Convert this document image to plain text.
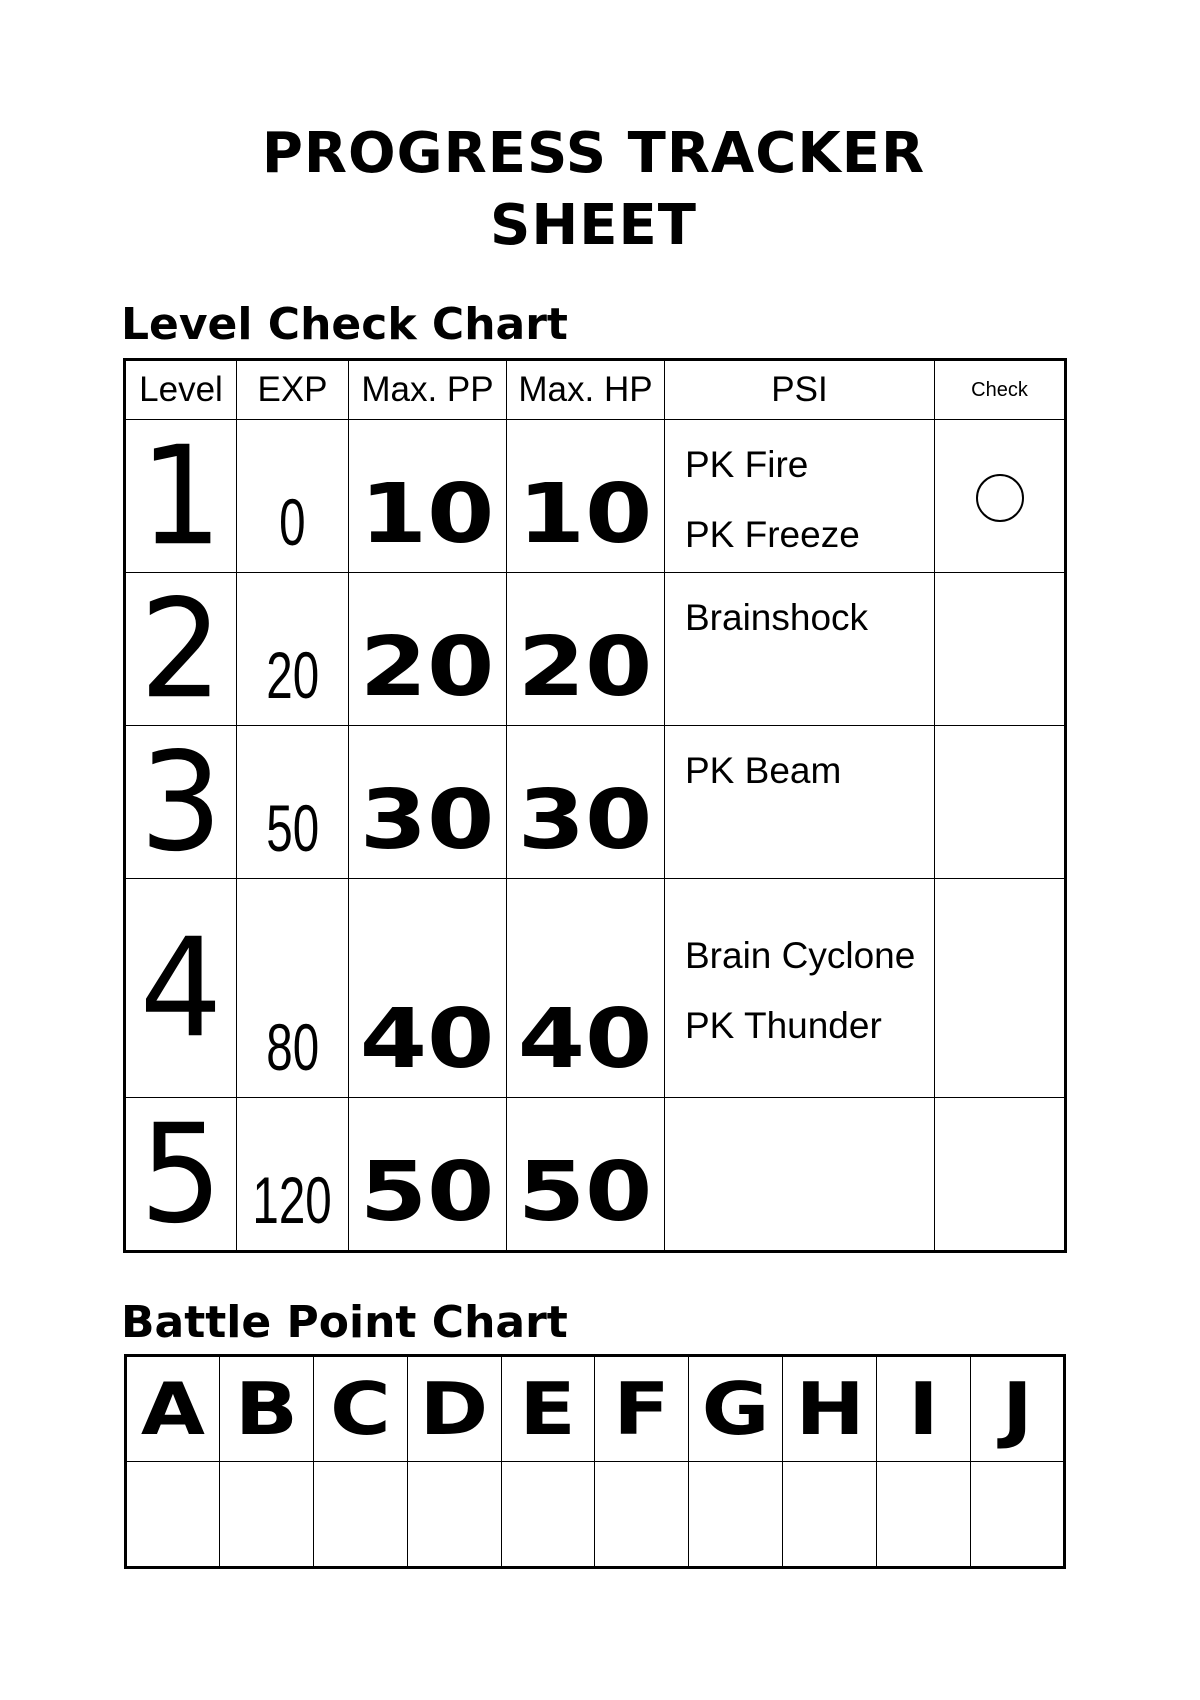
PROGRESS TRACKER
SHEET
Level Check Chart
Level	EXP	Max. PP	Max. HP	PSI	Check
1	0	10	10	PK Fire
PK Freeze	

2	20	20	20	Brainshock	

3	50	30	30	PK Beam	

4	80	40	40	Brain Cyclone
PK Thunder	

5	120	50	50		
Battle Point Chart
A	B	C	D	E	F	G	H	I	J
